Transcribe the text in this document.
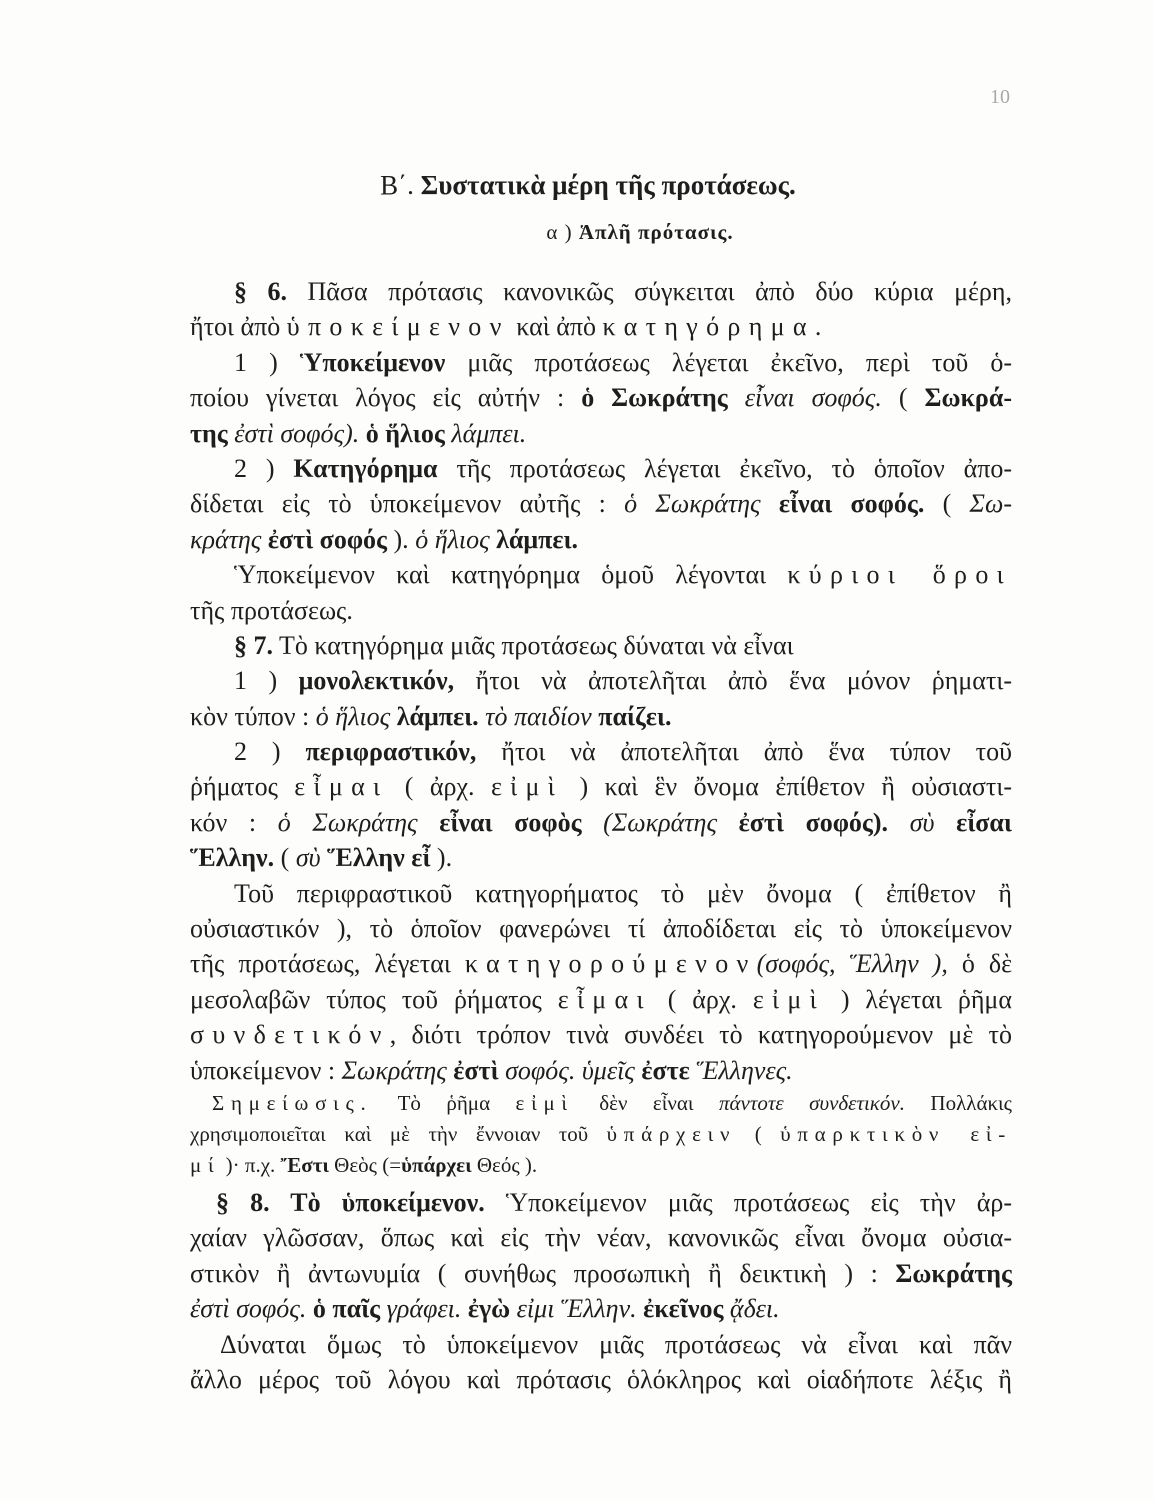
10
Β΄. Συστατικὰ μέρη τῆς προτάσεως.
α ) Ἁπλῆ πρότασις.
§ 6. Πᾶσα πρότασις κανονικῶς σύγκειται ἀπὸ δύο κύρια μέρη,
ἤτοι ἀπὸ ὑποκείμενον καὶ ἀπὸ κατηγόρημα.
1 ) Ὑποκείμενον μιᾶς προτάσεως λέγεται ἐκεῖνο, περὶ τοῦ ὁ-
ποίου γίνεται λόγος εἰς αὐτήν : ὁ Σωκράτης εἶναι σοφός. ( Σωκρά-
της ἐστὶ σοφός). ὁ ἥλιος λάμπει.
2 ) Κατηγόρημα τῆς προτάσεως λέγεται ἐκεῖνο, τὸ ὁποῖον ἀπο-
δίδεται εἰς τὸ ὑποκείμενον αὐτῆς : ὁ Σωκράτης εἶναι σοφός. ( Σω-
κράτης ἐστὶ σοφός ). ὁ ἥλιος λάμπει.
Ὑποκείμενον καὶ κατηγόρημα ὁμοῦ λέγονται κύριοι ὅροι
τῆς προτάσεως.
§ 7. Τὸ κατηγόρημα μιᾶς προτάσεως δύναται νὰ εἶναι
1 ) μονολεκτικόν, ἤτοι νὰ ἀποτελῆται ἀπὸ ἕνα μόνον ῥηματι-
κὸν τύπον : ὁ ἥλιος λάμπει. τὸ παιδίον παίζει.
2 ) περιφραστικόν, ἤτοι νὰ ἀποτελῆται ἀπὸ ἕνα τύπον τοῦ
ῥήματος εἶμαι ( ἀρχ. εἰμὶ ) καὶ ἓν ὄνομα ἐπίθετον ἢ οὐσιαστι-
κόν : ὁ Σωκράτης εἶναι σοφὸς (Σωκράτης ἐστὶ σοφός). σὺ εἶσαι
Ἕλλην. ( σὺ Ἕλλην εἶ ).
Τοῦ περιφραστικοῦ κατηγορήματος τὸ μὲν ὄνομα ( ἐπίθετον ἢ
οὐσιαστικόν ), τὸ ὁποῖον φανερώνει τί ἀποδίδεται εἰς τὸ ὑποκείμενον
τῆς προτάσεως, λέγεται κατηγορούμενον(σοφός, Ἕλλην ), ὁ δὲ
μεσολαβῶν τύπος τοῦ ῥήματος εἶμαι ( ἀρχ. εἰμὶ ) λέγεται ῥῆμα
συνδετικόν, διότι τρόπον τινὰ συνδέει τὸ κατηγορούμενον μὲ τὸ
ὑποκείμενον : Σωκράτης ἐστὶ σοφός. ὑμεῖς ἐστε Ἕλληνες.
Σημείωσις. Τὸ ῥῆμα εἰμὶ δὲν εἶναι πάντοτε συνδετικόν. Πολλάκις
χρησιμοποιεῖται καὶ μὲ τὴν ἔννοιαν τοῦ ὑπάρχειν ( ὑπαρκτικὸν εἰ-
μί )· π.χ. Ἔστι Θεὸς (=ὑπάρχει Θεός ).
§ 8. Τὸ ὑποκείμενον. Ὑποκείμενον μιᾶς προτάσεως εἰς τὴν ἀρ-
χαίαν γλῶσσαν, ὅπως καὶ εἰς τὴν νέαν, κανονικῶς εἶναι ὄνομα οὐσια-
στικὸν ἢ ἀντωνυμία ( συνήθως προσωπικὴ ἢ δεικτικὴ ) : Σωκράτης
ἐστὶ σοφός. ὁ παῖς γράφει. ἐγὼ εἰμι Ἕλλην. ἐκεῖνος ᾄδει.
Δύναται ὅμως τὸ ὑποκείμενον μιᾶς προτάσεως νὰ εἶναι καὶ πᾶν
ἄλλο μέρος τοῦ λόγου καὶ πρότασις ὁλόκληρος καὶ οἱαδήποτε λέξις ἢ
